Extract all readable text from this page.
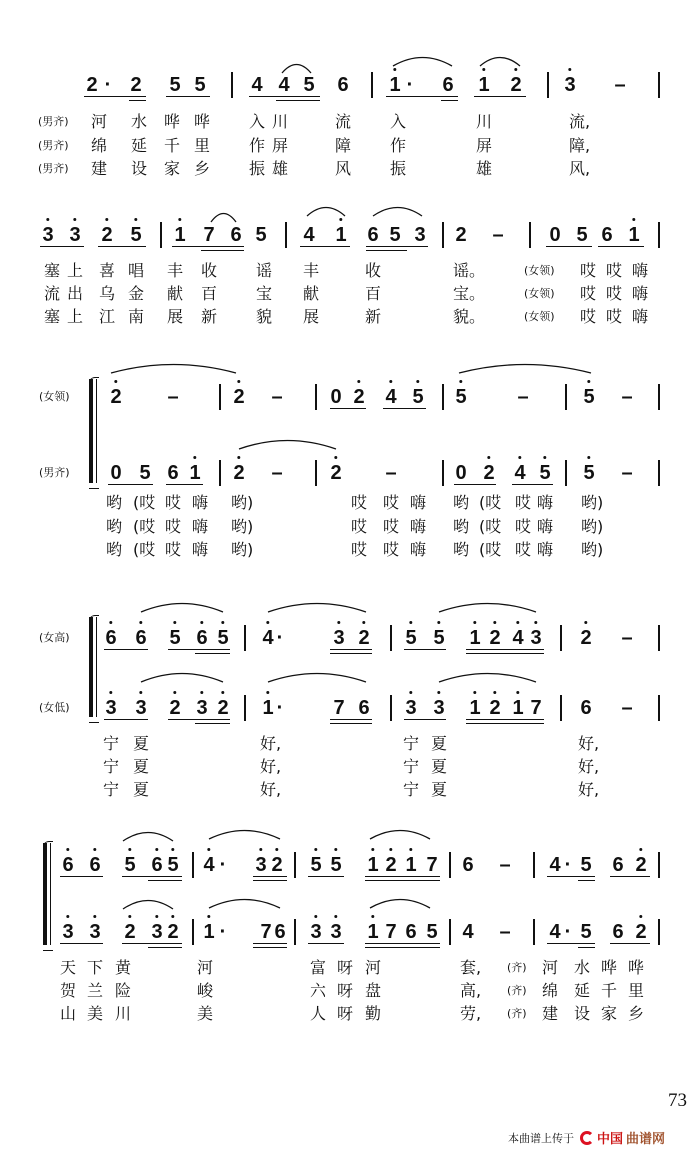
73
本曲谱上传于 中国 曲谱网
2 · 2 5 5 4 4 5 6 1 · 6 1 2 3 –
(男齐) 河 水 哗 哗 入 川	流 入	川	流,
(男齐) 绵 延 千 里 作 屏	障 作	屏	障,
(男齐) 建 设 家 乡 振 雄	风 振	雄	风,
3 3 2 5 1 7 6 5 4 1 6 5 3 2 – 0 5 6 1
塞 上 喜 唱 丰 收 谣 丰	收	谣。	(女领) 哎 哎 嗨
流 出 乌 金 献 百 宝 献	百	宝。	(女领) 哎 哎 嗨
塞 上 江 南 展 新 貌 展	新	貌。	(女领) 哎 哎 嗨
(女领) 2 –	2 – 0 2 4 5 5	–	5 –
(男齐) 0 5 6 1 2 – 2 –	0 2 4 5 5 –
哟 (哎 哎 嗨 哟)	哎 哎 嗨 哟 (哎 哎 嗨 哟)
哟 (哎 哎 嗨 哟)	哎 哎 嗨 哟 (哎 哎 嗨 哟)
哟 (哎 哎 嗨 哟)	哎 哎 嗨 哟 (哎 哎 嗨 哟)
(女高) 6 6 5 6 5 4 ·	3 2 5 5 1 2 4 3 2 –
(女低) 3 3 2 3 2 1 ·	7 6 3 3 1 2 1 7 6 –
宁 夏	好,	宁 夏	好,
宁 夏	好,	宁 夏	好,
宁 夏	好,	宁 夏	好,
6 6 5 6 5 4 · 3 2 5 5 1 2 1 7 6 – 4 · 5 6 2
3 3 2 3 2 1 · 7 6 3 3 1 7 6 5 4 – 4 · 5 6 2
天 下 黄	河	富 呀 河	套, (齐) 河 水 哗 哗
贺 兰 险	峻	六 呀 盘	高, (齐) 绵 延 千 里
山 美 川	美	人 呀 勤	劳, (齐) 建 设 家 乡
